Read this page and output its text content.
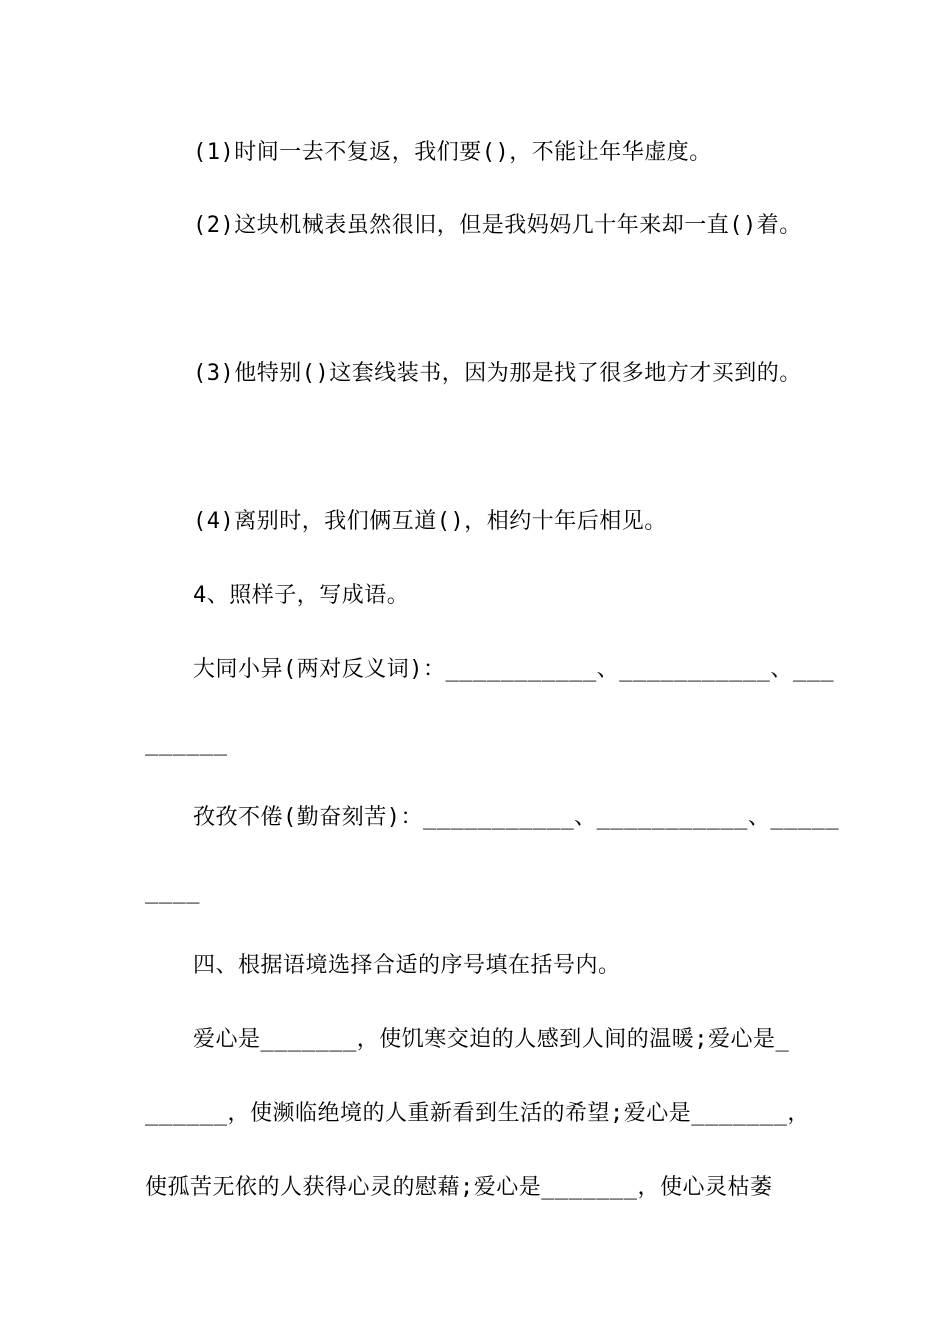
(1)时间一去不复返，我们要()，不能让年华虚度。
(2)这块机械表虽然很旧，但是我妈妈几十年来却一直()着。
(3)他特别()这套线装书，因为那是找了很多地方才买到的。
(4)离别时，我们俩互道()，相约十年后相见。
4、照样子，写成语。
大同小异(两对反义词)：___________、___________、___
______
孜孜不倦(勤奋刻苦)：___________、___________、_____
____
四、根据语境选择合适的序号填在括号内。
爱心是_______，使饥寒交迫的人感到人间的温暖;爱心是_
______，使濒临绝境的人重新看到生活的希望;爱心是_______，
使孤苦无依的人获得心灵的慰藉;爱心是_______，使心灵枯萎
